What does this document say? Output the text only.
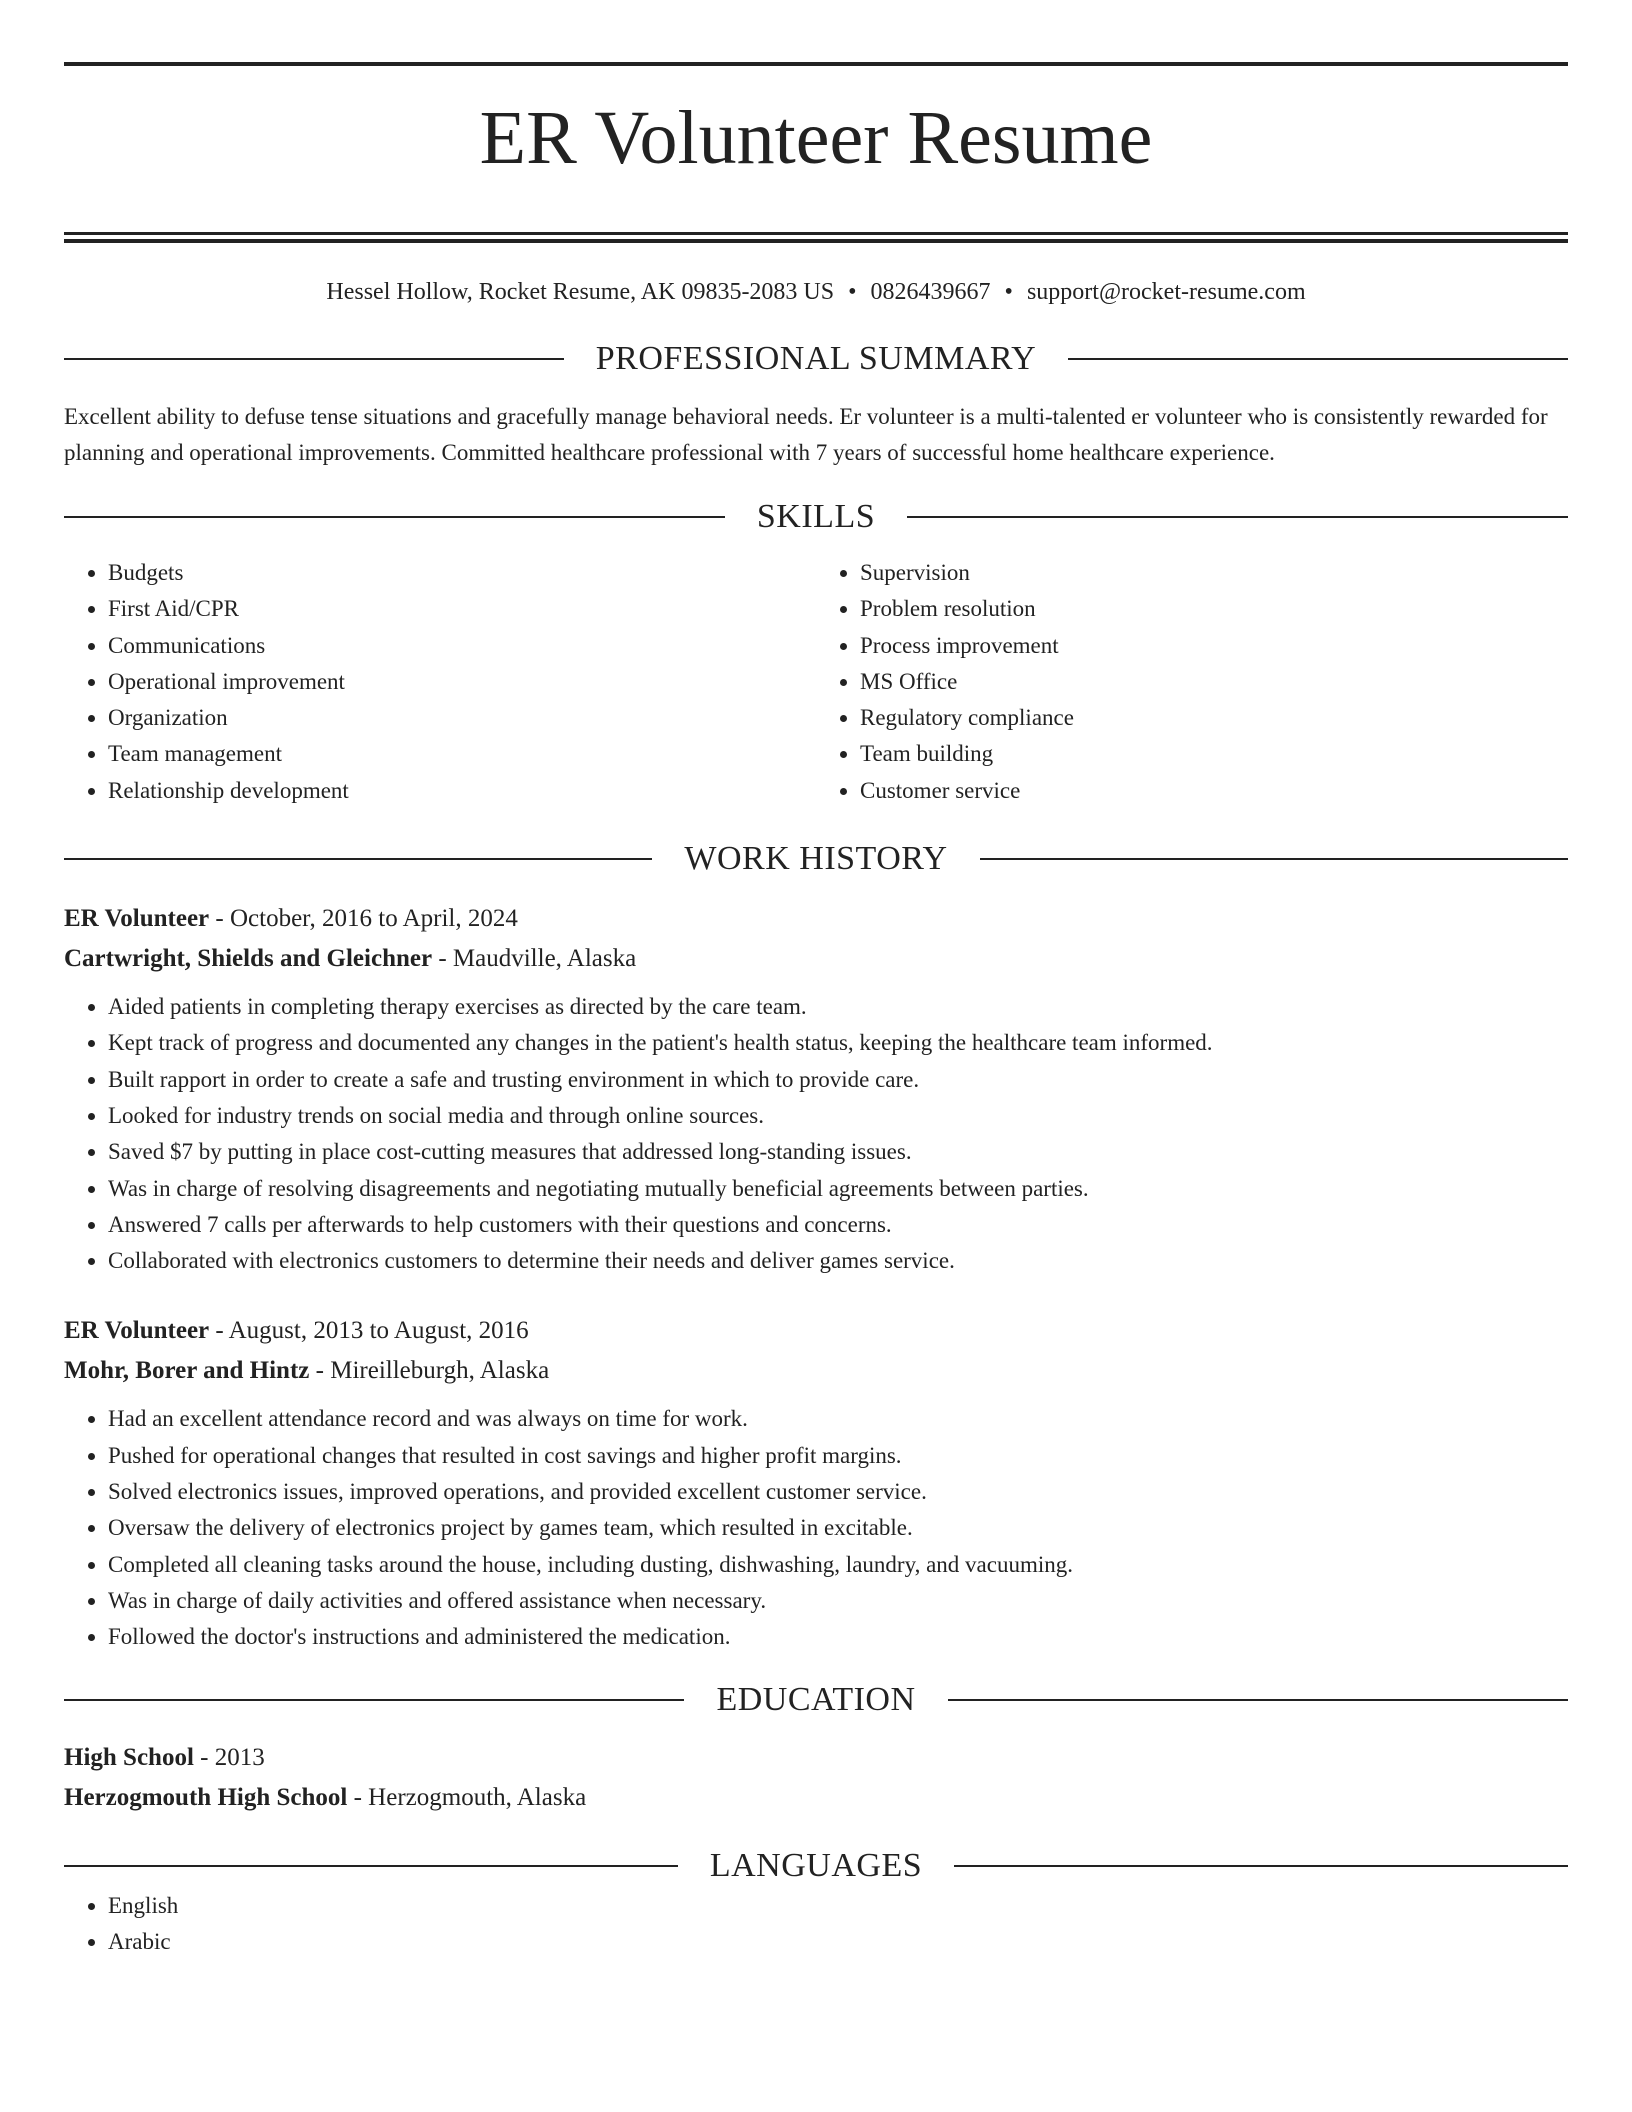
ER Volunteer Resume
Hessel Hollow, Rocket Resume, AK 09835-2083 US • 0826439667 • support@rocket-resume.com
PROFESSIONAL SUMMARY

Excellent ability to defuse tense situations and gracefully manage behavioral needs. Er volunteer is a multi-talented er volunteer who is consistently rewarded for planning and operational improvements. Committed healthcare professional with 7 years of successful home healthcare experience.

SKILLS
• Budgets
• First Aid/CPR
• Communications
• Operational improvement
• Organization
• Team management
• Relationship development
• Supervision
• Problem resolution
• Process improvement
• MS Office
• Regulatory compliance
• Team building
• Customer service
WORK HISTORY
ER Volunteer - October, 2016 to April, 2024
Cartwright, Shields and Gleichner - Maudville, Alaska
• Aided patients in completing therapy exercises as directed by the care team.
• Kept track of progress and documented any changes in the patient's health status, keeping the healthcare team informed.
• Built rapport in order to create a safe and trusting environment in which to provide care.
• Looked for industry trends on social media and through online sources.
• Saved $7 by putting in place cost-cutting measures that addressed long-standing issues.
• Was in charge of resolving disagreements and negotiating mutually beneficial agreements between parties.
• Answered 7 calls per afterwards to help customers with their questions and concerns.
• Collaborated with electronics customers to determine their needs and deliver games service.
ER Volunteer - August, 2013 to August, 2016
Mohr, Borer and Hintz - Mireilleburgh, Alaska
• Had an excellent attendance record and was always on time for work.
• Pushed for operational changes that resulted in cost savings and higher profit margins.
• Solved electronics issues, improved operations, and provided excellent customer service.
• Oversaw the delivery of electronics project by games team, which resulted in excitable.
• Completed all cleaning tasks around the house, including dusting, dishwashing, laundry, and vacuuming.
• Was in charge of daily activities and offered assistance when necessary.
• Followed the doctor's instructions and administered the medication.
EDUCATION
High School - 2013
Herzogmouth High School - Herzogmouth, Alaska
LANGUAGES
• English
• Arabic
